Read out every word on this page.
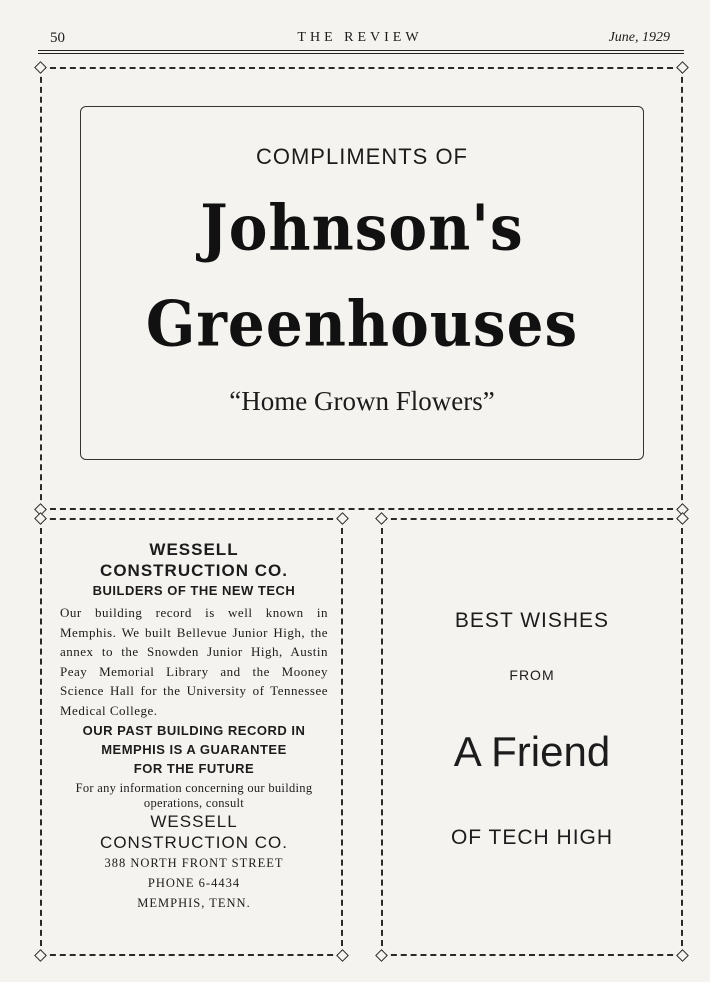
50	THE REVIEW	June, 1929
COMPLIMENTS OF
Johnson's
Greenhouses
“Home Grown Flowers”
WESSELL
CONSTRUCTION CO.
BUILDERS OF THE NEW TECH
Our building record is well known in Memphis. We built Bellevue Junior High, the annex to the Snowden Junior High, Austin Peay Memorial Library and the Mooney Science Hall for the University of Tennessee Medical College.
OUR PAST BUILDING RECORD IN
MEMPHIS IS A GUARANTEE
FOR THE FUTURE
For any information concerning our building operations, consult
WESSELL
CONSTRUCTION CO.
388 NORTH FRONT STREET
PHONE 6-4434
MEMPHIS, TENN.
BEST WISHES
FROM
A Friend
OF TECH HIGH
